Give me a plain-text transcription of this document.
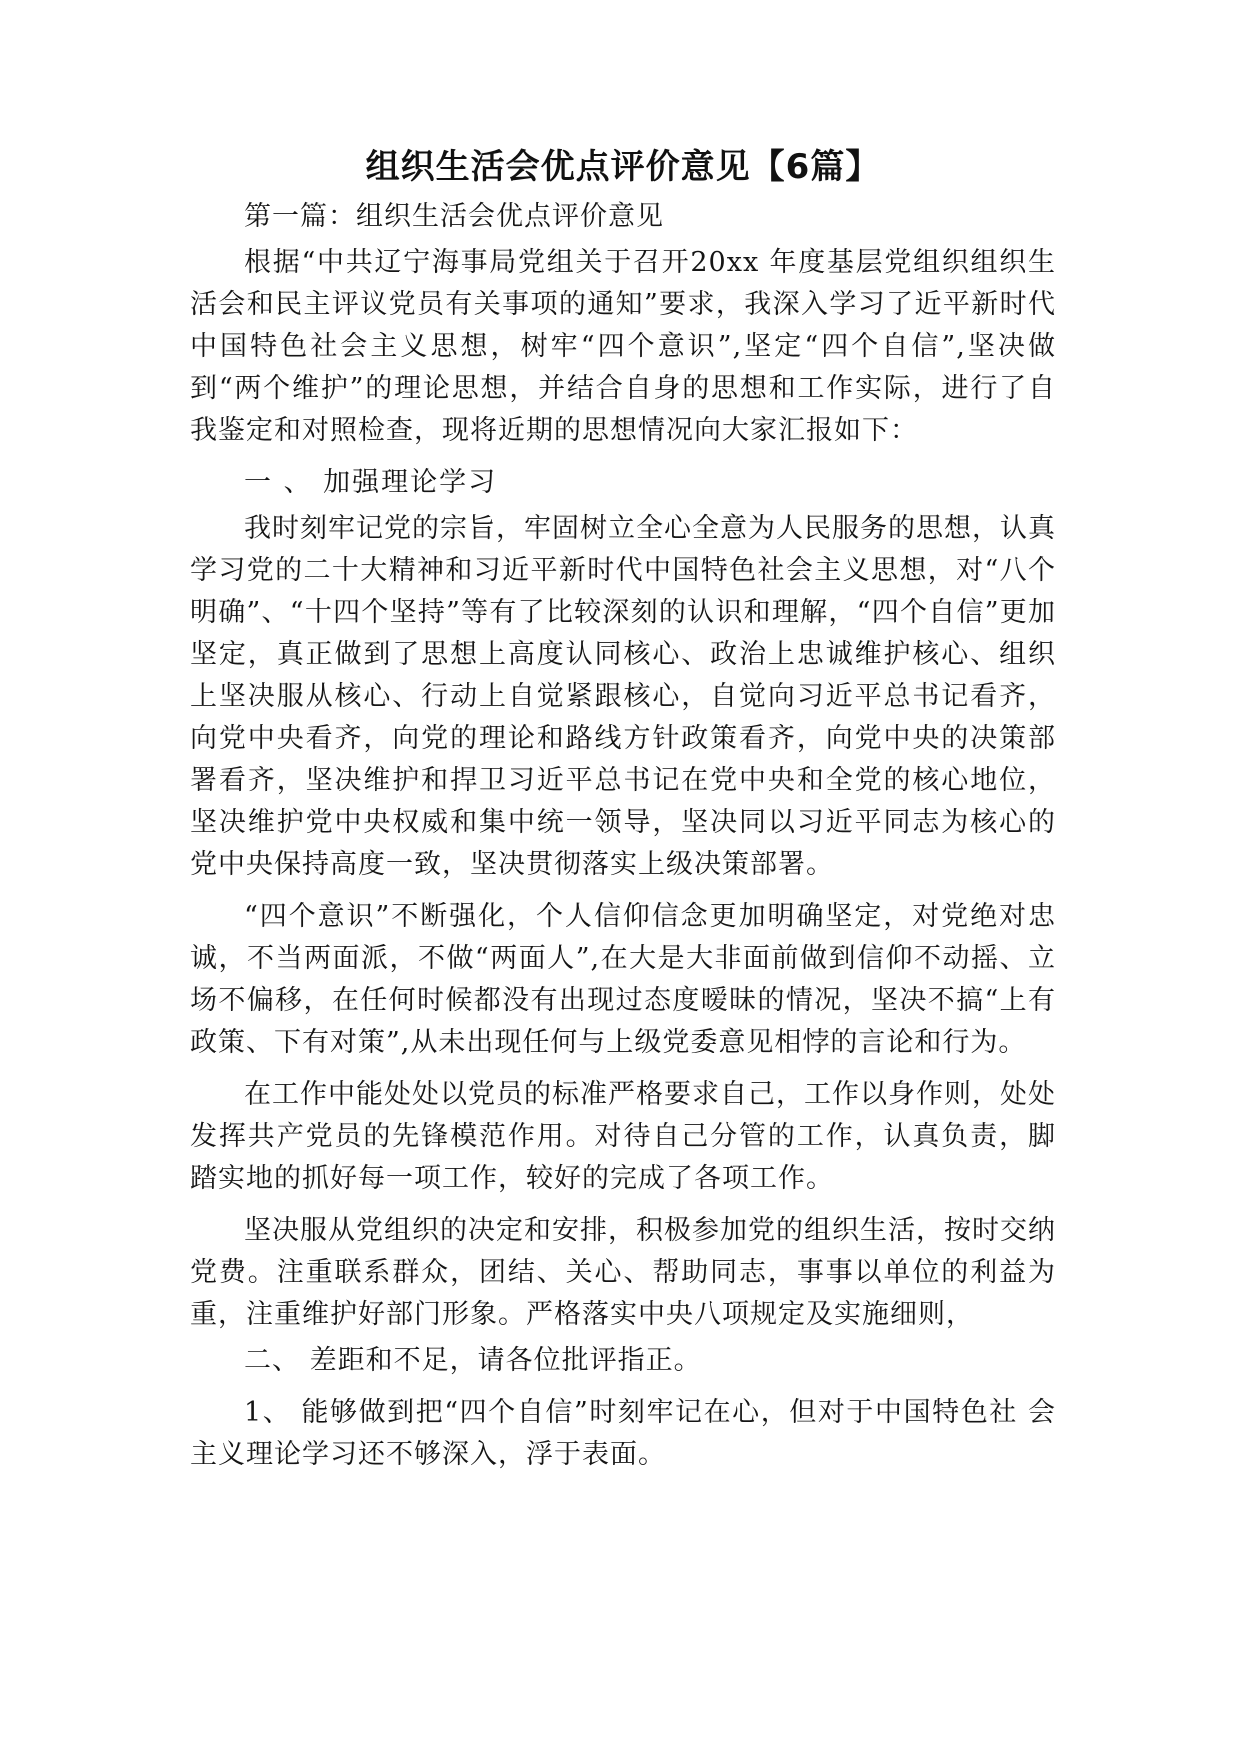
组织生活会优点评价意见【6篇】
第一篇：组织生活会优点评价意见
根据“中共辽宁海事局党组关于召开20xx 年度基层党组织组织生活会和民主评议党员有关事项的通知”要求，我深入学习了近平新时代中国特色社会主义思想，树牢“四个意识”,坚定“四个自信”,坚决做到“两个维护”的理论思想，并结合自身的思想和工作实际，进行了自我鉴定和对照检查，现将近期的思想情况向大家汇报如下：
一 、 加强理论学习
我时刻牢记党的宗旨，牢固树立全心全意为人民服务的思想，认真学习党的二十大精神和习近平新时代中国特色社会主义思想，对“八个明确”、“十四个坚持”等有了比较深刻的认识和理解，“四个自信”更加坚定，真正做到了思想上高度认同核心、政治上忠诚维护核心、组织上坚决服从核心、行动上自觉紧跟核心，自觉向习近平总书记看齐，向党中央看齐，向党的理论和路线方针政策看齐，向党中央的决策部署看齐，坚决维护和捍卫习近平总书记在党中央和全党的核心地位，坚决维护党中央权威和集中统一领导，坚决同以习近平同志为核心的党中央保持高度一致，坚决贯彻落实上级决策部署。
“四个意识”不断强化，个人信仰信念更加明确坚定，对党绝对忠诚，不当两面派，不做“两面人”,在大是大非面前做到信仰不动摇、立场不偏移，在任何时候都没有出现过态度暧昧的情况，坚决不搞“上有政策、下有对策”,从未出现任何与上级党委意见相悖的言论和行为。
在工作中能处处以党员的标准严格要求自己，工作以身作则，处处发挥共产党员的先锋模范作用。对待自己分管的工作，认真负责，脚踏实地的抓好每一项工作，较好的完成了各项工作。
坚决服从党组织的决定和安排，积极参加党的组织生活，按时交纳党费。注重联系群众，团结、关心、帮助同志，事事以单位的利益为重，注重维护好部门形象。严格落实中央八项规定及实施细则，
二、 差距和不足，请各位批评指正。
1、 能够做到把“四个自信”时刻牢记在心，但对于中国特色社 会主义理论学习还不够深入，浮于表面。
